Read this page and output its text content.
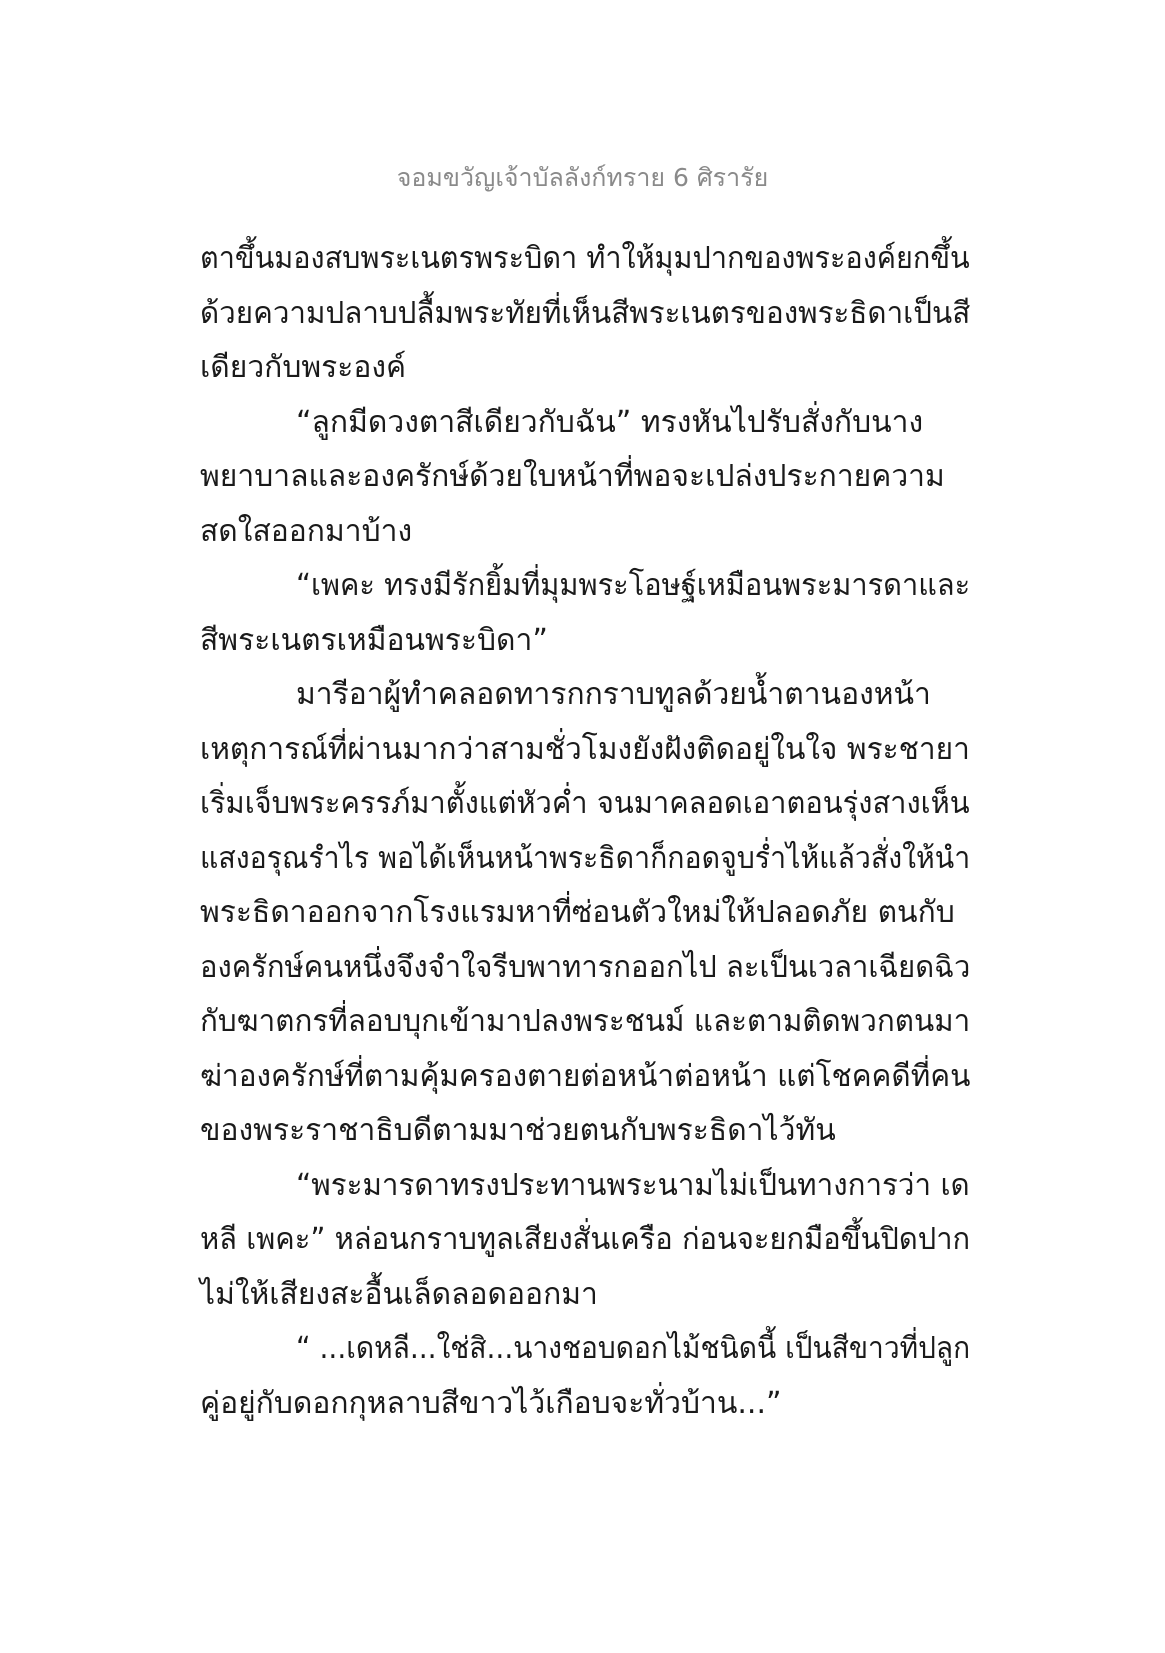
จอมขวัญเจ้าบัลลังก์ทราย 6 ศิรารัย
ตาขึ้นมองสบพระเนตรพระบิดา ทำให้มุมปากของพระองค์ยกขึ้น
ด้วยความปลาบปลื้มพระทัยที่เห็นสีพระเนตรของพระธิดาเป็นสี
เดียวกับพระองค์
“ลูกมีดวงตาสีเดียวกับฉัน” ทรงหันไปรับสั่งกับนาง
พยาบาลและองครักษ์ด้วยใบหน้าที่พอจะเปล่งประกายความ
สดใสออกมาบ้าง
“เพคะ ทรงมีรักยิ้มที่มุมพระโอษฐ์เหมือนพระมารดาและ
สีพระเนตรเหมือนพระบิดา”
มารีอาผู้ทำคลอดทารกกราบทูลด้วยน้ำตานองหน้า
เหตุการณ์ที่ผ่านมากว่าสามชั่วโมงยังฝังติดอยู่ในใจ พระชายา
เริ่มเจ็บพระครรภ์มาตั้งแต่หัวค่ำ จนมาคลอดเอาตอนรุ่งสางเห็น
แสงอรุณรำไร พอได้เห็นหน้าพระธิดาก็กอดจูบร่ำไห้แล้วสั่งให้นำ
พระธิดาออกจากโรงแรมหาที่ซ่อนตัวใหม่ให้ปลอดภัย ตนกับ
องครักษ์คนหนึ่งจึงจำใจรีบพาทารกออกไป ละเป็นเวลาเฉียดฉิว
กับฆาตกรที่ลอบบุกเข้ามาปลงพระชนม์ และตามติดพวกตนมา
ฆ่าองครักษ์ที่ตามคุ้มครองตายต่อหน้าต่อหน้า แต่โชคคดีที่คน
ของพระราชาธิบดีตามมาช่วยตนกับพระธิดาไว้ทัน
“พระมารดาทรงประทานพระนามไม่เป็นทางการว่า เด
หลี เพคะ” หล่อนกราบทูลเสียงสั่นเครือ ก่อนจะยกมือขึ้นปิดปาก
ไม่ให้เสียงสะอื้นเล็ดลอดออกมา
“ ...เดหลี...ใช่สิ...นางชอบดอกไม้ชนิดนี้ เป็นสีขาวที่ปลูก
คู่อยู่กับดอกกุหลาบสีขาวไว้เกือบจะทั่วบ้าน...”
